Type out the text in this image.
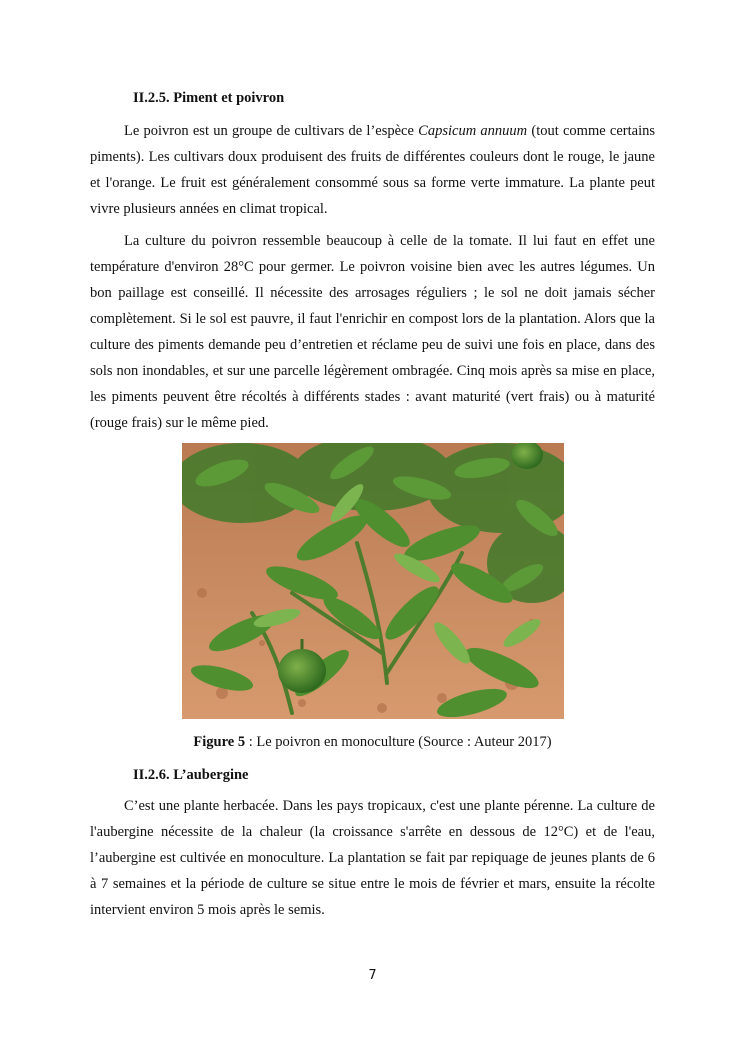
II.2.5. Piment et poivron

Le poivron est un groupe de cultivars de l’espèce Capsicum annuum (tout comme certains piments). Les cultivars doux produisent des fruits de différentes couleurs dont le rouge, le jaune et l'orange. Le fruit est généralement consommé sous sa forme verte immature. La plante peut vivre plusieurs années en climat tropical.

La culture du poivron ressemble beaucoup à celle de la tomate. Il lui faut en effet une température d'environ 28°C pour germer. Le poivron voisine bien avec les autres légumes. Un bon paillage est conseillé. Il nécessite des arrosages réguliers ; le sol ne doit jamais sécher complètement. Si le sol est pauvre, il faut l'enrichir en compost lors de la plantation. Alors que la culture des piments demande peu d’entretien et réclame peu de suivi une fois en place, dans des sols non inondables, et sur une parcelle légèrement ombragée. Cinq mois après sa mise en place, les piments peuvent être récoltés à différents stades : avant maturité (vert frais) ou à maturité (rouge frais) sur le même pied.

Figure 5 : Le poivron en monoculture (Source : Auteur 2017)

II.2.6. L’aubergine

C’est une plante herbacée. Dans les pays tropicaux, c'est une plante pérenne. La culture de l'aubergine nécessite de la chaleur (la croissance s'arrête en dessous de 12°C) et de l'eau, l’aubergine est cultivée en monoculture. La plantation se fait par repiquage de jeunes plants de 6 à 7 semaines et la période de culture se situe entre le mois de février et mars, ensuite la récolte intervient environ 5 mois après le semis.

7
